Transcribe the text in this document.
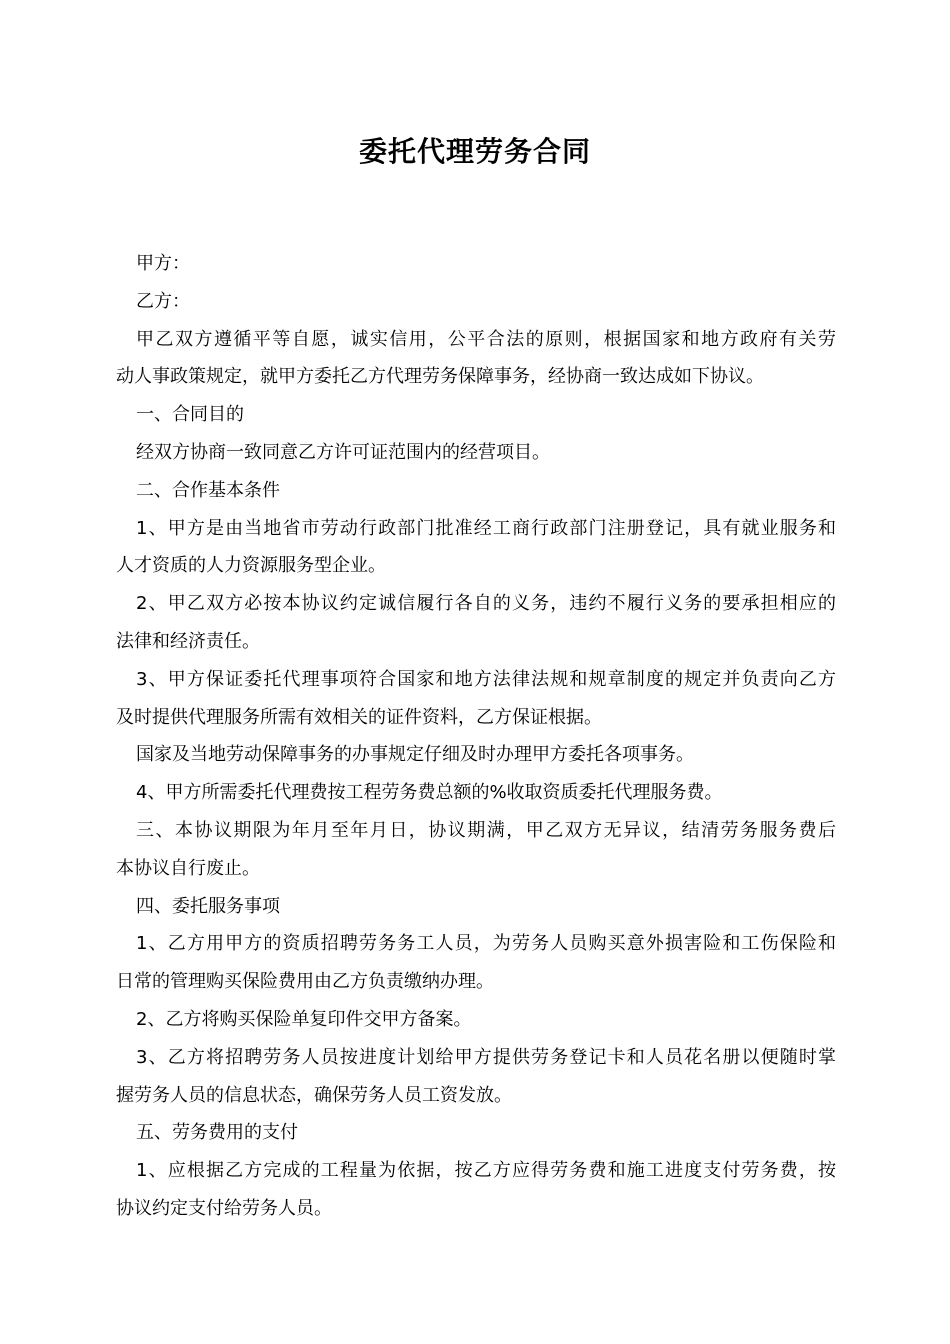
委托代理劳务合同

甲方：

乙方：

甲乙双方遵循平等自愿，诚实信用，公平合法的原则，根据国家和地方政府有关劳

动人事政策规定，就甲方委托乙方代理劳务保障事务，经协商一致达成如下协议。

一、合同目的

经双方协商一致同意乙方许可证范围内的经营项目。

二、合作基本条件

1、甲方是由当地省市劳动行政部门批准经工商行政部门注册登记，具有就业服务和

人才资质的人力资源服务型企业。

2、甲乙双方必按本协议约定诚信履行各自的义务，违约不履行义务的要承担相应的

法律和经济责任。

3、甲方保证委托代理事项符合国家和地方法律法规和规章制度的规定并负责向乙方

及时提供代理服务所需有效相关的证件资料，乙方保证根据。

国家及当地劳动保障事务的办事规定仔细及时办理甲方委托各项事务。

4、甲方所需委托代理费按工程劳务费总额的%收取资质委托代理服务费。

三、本协议期限为年月至年月日，协议期满，甲乙双方无异议，结清劳务服务费后

本协议自行废止。

四、委托服务事项

1、乙方用甲方的资质招聘劳务务工人员，为劳务人员购买意外损害险和工伤保险和

日常的管理购买保险费用由乙方负责缴纳办理。

2、乙方将购买保险单复印件交甲方备案。

3、乙方将招聘劳务人员按进度计划给甲方提供劳务登记卡和人员花名册以便随时掌

握劳务人员的信息状态，确保劳务人员工资发放。

五、劳务费用的支付

1、应根据乙方完成的工程量为依据，按乙方应得劳务费和施工进度支付劳务费，按

协议约定支付给劳务人员。
